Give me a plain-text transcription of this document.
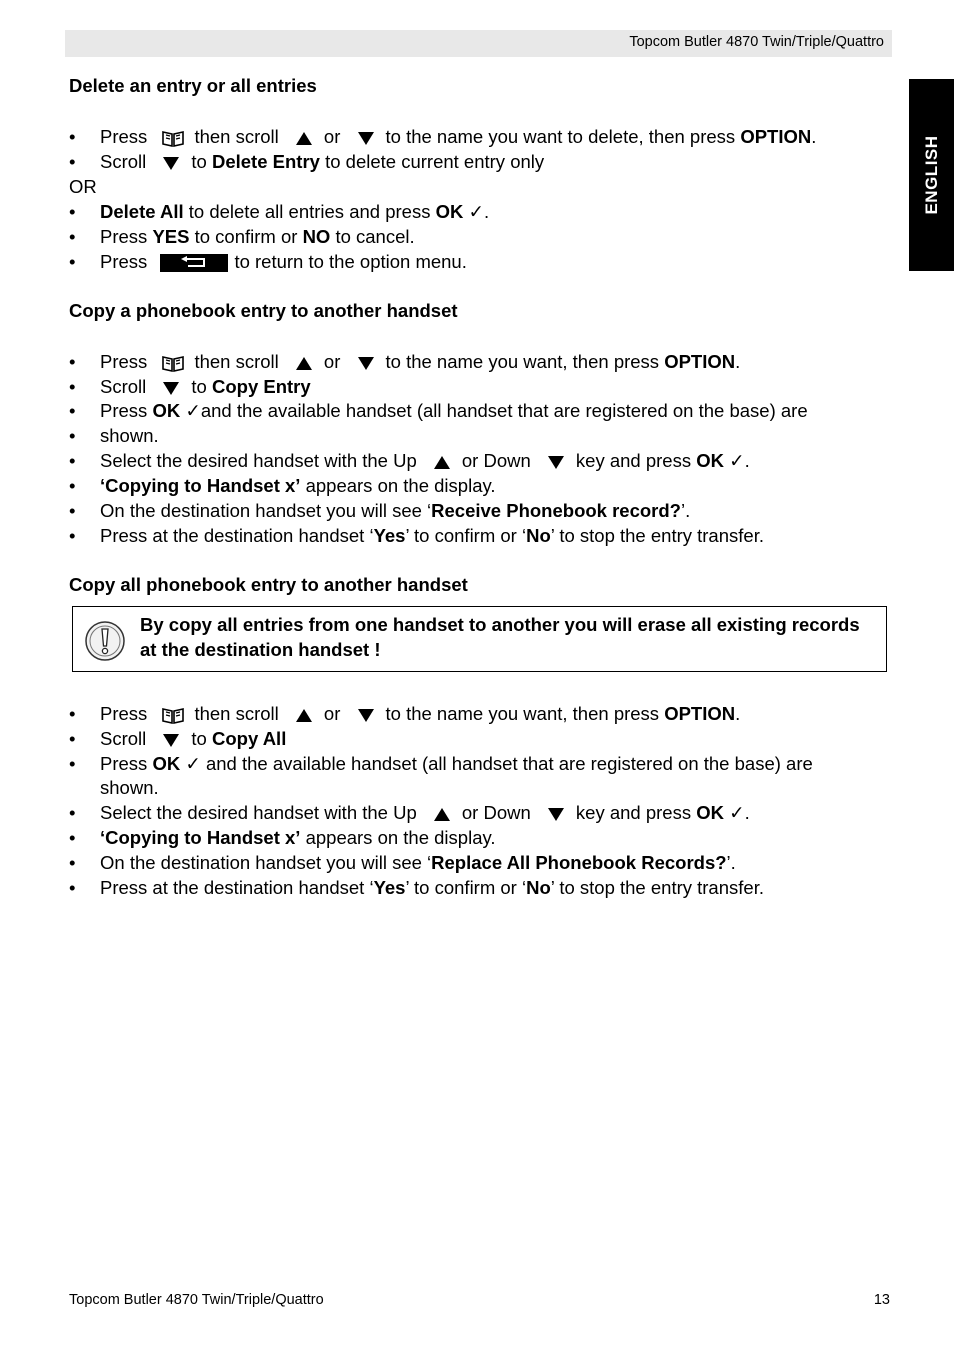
Topcom Butler 4870 Twin/Triple/Quattro
ENGLISH
Delete an entry or all entries
• Press	then scroll or to the name you want to delete, then press OPTION.
• Scroll to Delete Entry to delete current entry only
OR
• Delete All to delete all entries and press OK ✓.
• Press YES to confirm or NO to cancel.
• Press	to return to the option menu.
Copy a phonebook entry to another handset
• Press	then scroll or to the name you want, then press OPTION.
• Scroll to Copy Entry
• Press OK ✓and the available handset (all handset that are registered on the base) are
• shown.
• Select the desired handset with the Up or Down key and press OK ✓.
• ‘Copying to Handset x’ appears on the display.
• On the destination handset you will see ‘Receive Phonebook record?’.
• Press at the destination handset ‘Yes’ to confirm or ‘No’ to stop the entry transfer.
Copy all phonebook entry to another handset
By copy all entries from one handset to another you will erase all existing records at the destination handset !
• Press	then scroll or to the name you want, then press OPTION.
• Scroll to Copy All
• Press OK ✓ and the available handset (all handset that are registered on the base) are
shown.
• Select the desired handset with the Up or Down key and press OK ✓.
• ‘Copying to Handset x’ appears on the display.
• On the destination handset you will see ‘Replace All Phonebook Records?’.
• Press at the destination handset ‘Yes’ to confirm or ‘No’ to stop the entry transfer.
Topcom Butler 4870 Twin/Triple/Quattro	13
